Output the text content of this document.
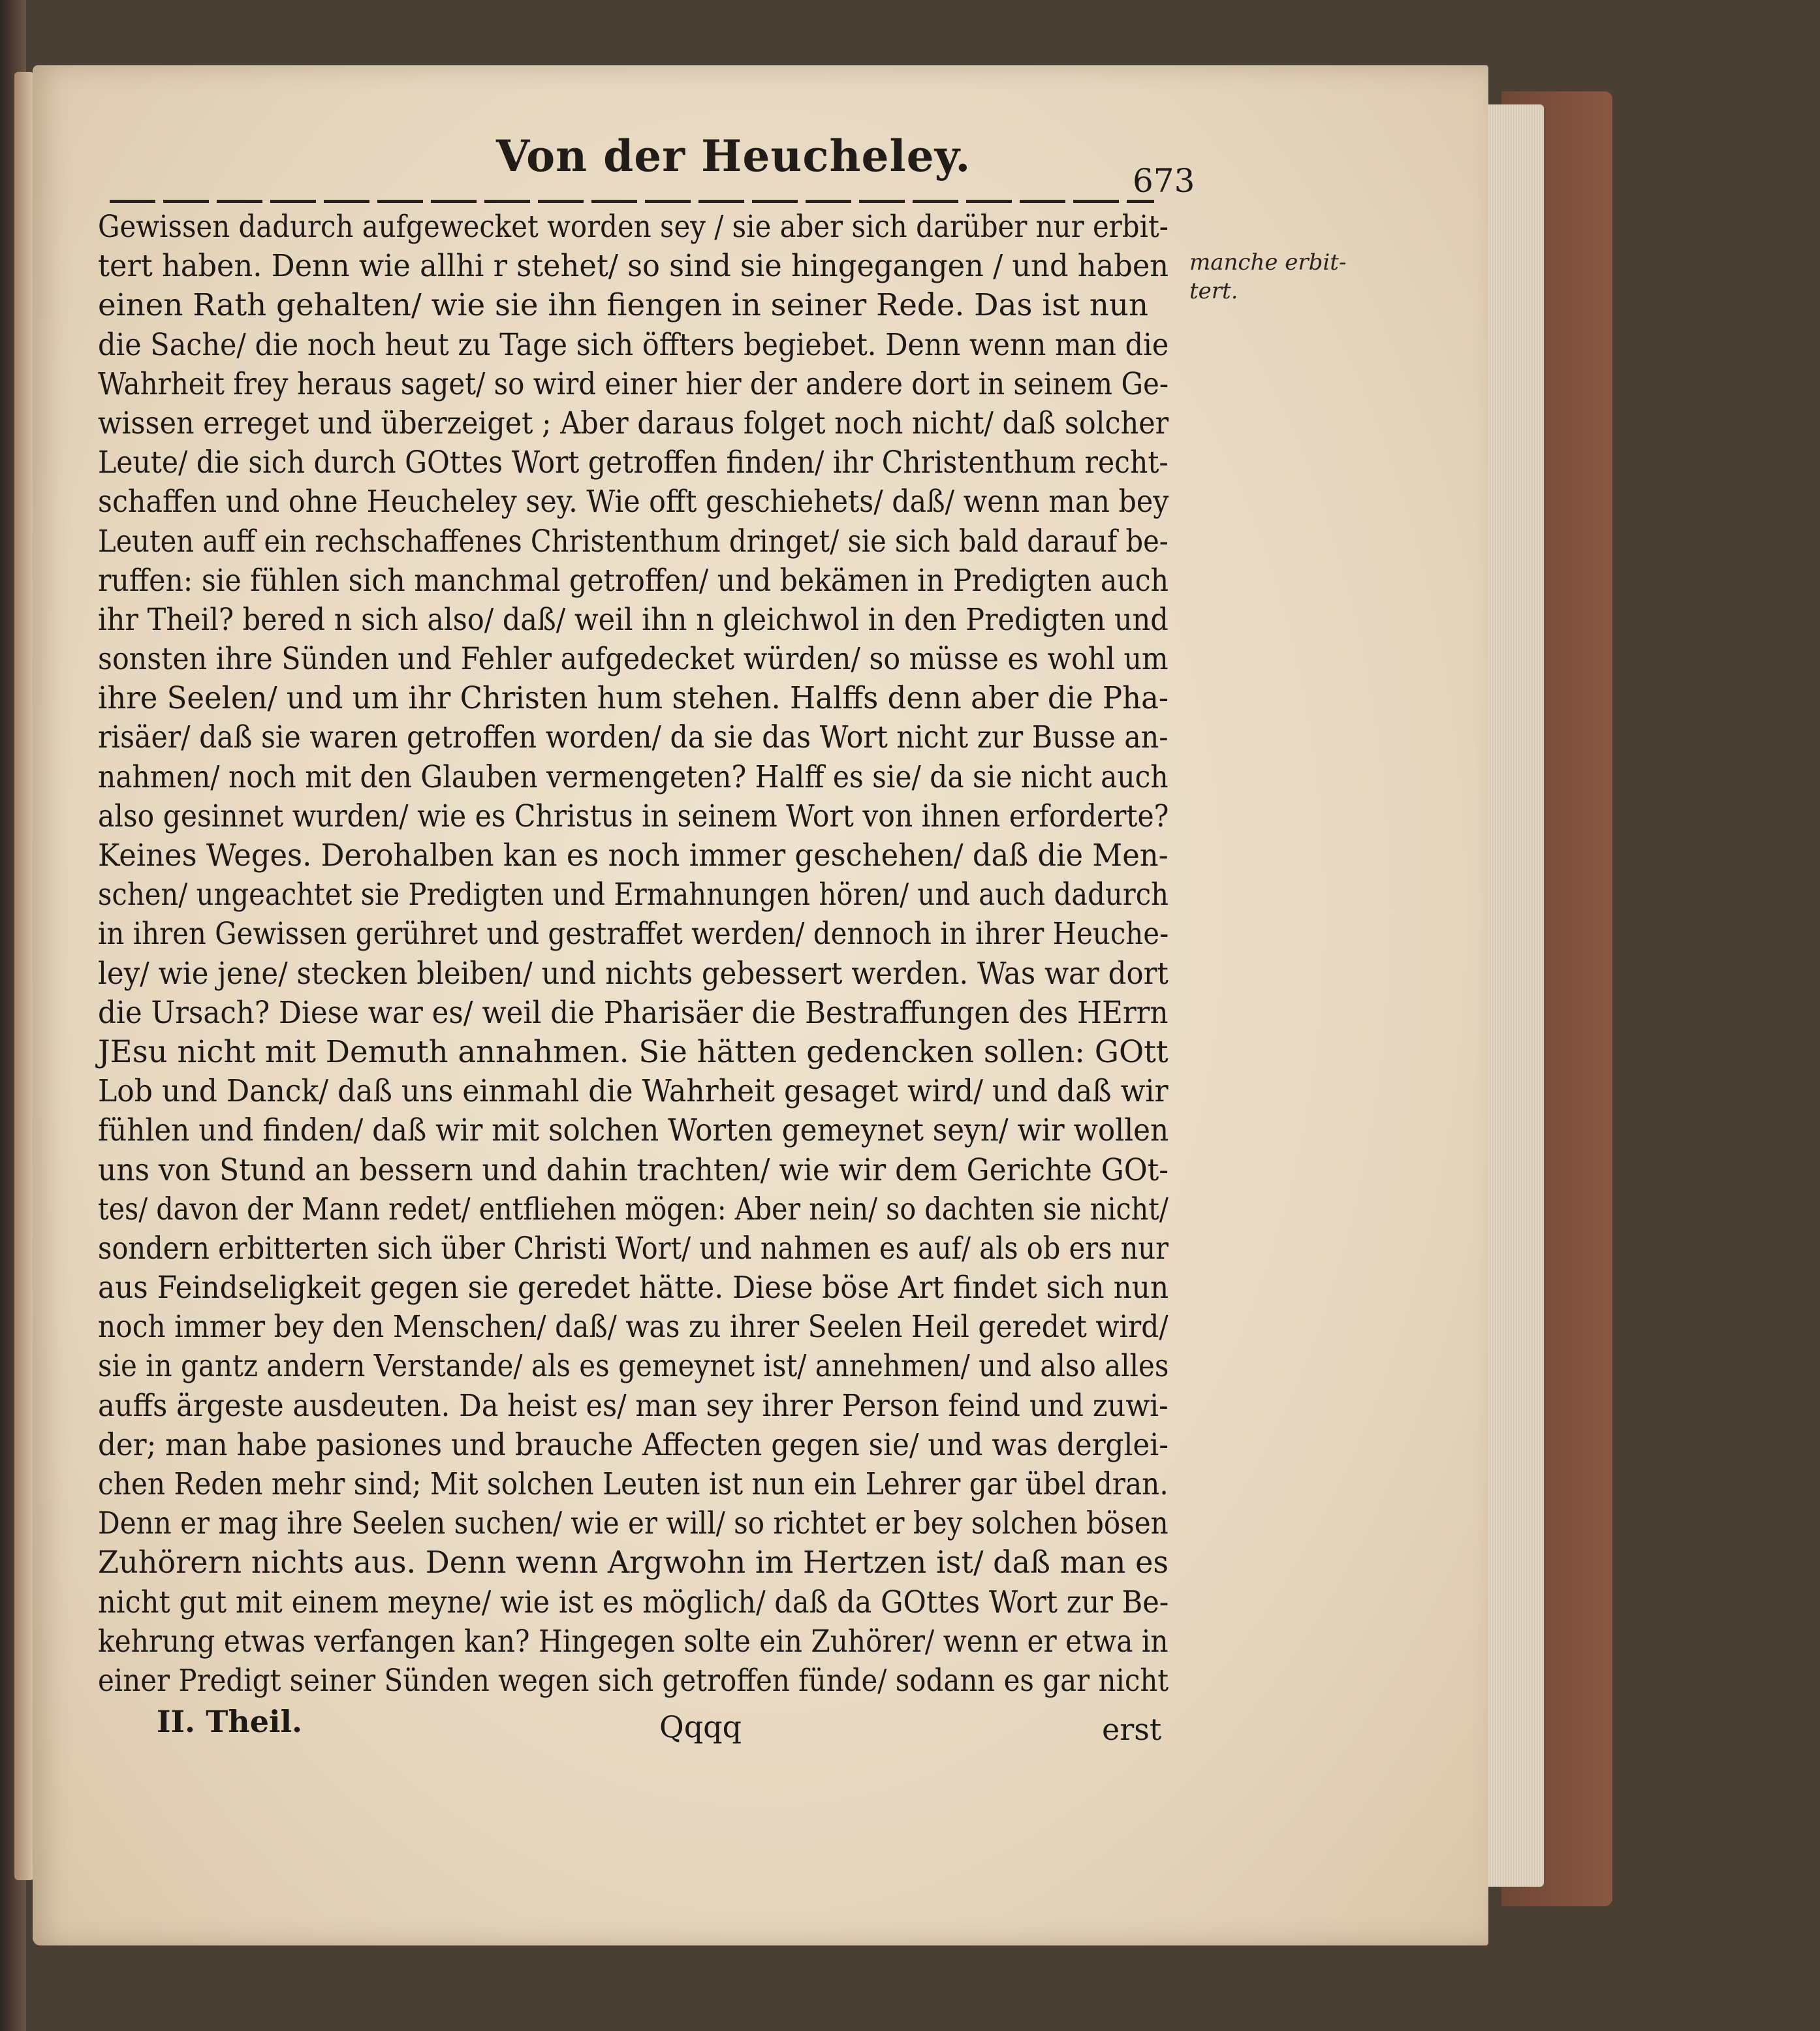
Von der Heucheley.	673
Gewissen dadurch aufgewecket worden sey / sie aber sich darüber nur erbit-
tert haben. Denn wie allhi r stehet/ so sind sie hingegangen / und haben
einen Rath gehalten/ wie sie ihn fiengen in seiner Rede. Das ist nun
die Sache/ die noch heut zu Tage sich öffters begiebet. Denn wenn man die
Wahrheit frey heraus saget/ so wird einer hier der andere dort in seinem Ge-
wissen erreget und überzeiget ; Aber daraus folget noch nicht/ daß solcher
Leute/ die sich durch GOttes Wort getroffen finden/ ihr Christenthum recht-
schaffen und ohne Heucheley sey. Wie offt geschiehets/ daß/ wenn man bey
Leuten auff ein rechschaffenes Christenthum dringet/ sie sich bald darauf be-
ruffen: sie fühlen sich manchmal getroffen/ und bekämen in Predigten auch
ihr Theil? bered n sich also/ daß/ weil ihn n gleichwol in den Predigten und
sonsten ihre Sünden und Fehler aufgedecket würden/ so müsse es wohl um
ihre Seelen/ und um ihr Christen hum stehen. Halffs denn aber die Pha-
risäer/ daß sie waren getroffen worden/ da sie das Wort nicht zur Busse an-
nahmen/ noch mit den Glauben vermengeten? Halff es sie/ da sie nicht auch
also gesinnet wurden/ wie es Christus in seinem Wort von ihnen erforderte?
Keines Weges. Derohalben kan es noch immer geschehen/ daß die Men-
schen/ ungeachtet sie Predigten und Ermahnungen hören/ und auch dadurch
in ihren Gewissen gerühret und gestraffet werden/ dennoch in ihrer Heuche-
ley/ wie jene/ stecken bleiben/ und nichts gebessert werden. Was war dort
die Ursach? Diese war es/ weil die Pharisäer die Bestraffungen des HErrn
JEsu nicht mit Demuth annahmen. Sie hätten gedencken sollen: GOtt
Lob und Danck/ daß uns einmahl die Wahrheit gesaget wird/ und daß wir
fühlen und finden/ daß wir mit solchen Worten gemeynet seyn/ wir wollen
uns von Stund an bessern und dahin trachten/ wie wir dem Gerichte GOt-
tes/ davon der Mann redet/ entfliehen mögen: Aber nein/ so dachten sie nicht/
sondern erbitterten sich über Christi Wort/ und nahmen es auf/ als ob ers nur
aus Feindseligkeit gegen sie geredet hätte. Diese böse Art findet sich nun
noch immer bey den Menschen/ daß/ was zu ihrer Seelen Heil geredet wird/
sie in gantz andern Verstande/ als es gemeynet ist/ annehmen/ und also alles
auffs ärgeste ausdeuten. Da heist es/ man sey ihrer Person feind und zuwi-
der; man habe pasiones und brauche Affecten gegen sie/ und was derglei-
chen Reden mehr sind; Mit solchen Leuten ist nun ein Lehrer gar übel dran.
Denn er mag ihre Seelen suchen/ wie er will/ so richtet er bey solchen bösen
Zuhörern nichts aus. Denn wenn Argwohn im Hertzen ist/ daß man es
nicht gut mit einem meyne/ wie ist es möglich/ daß da GOttes Wort zur Be-
kehrung etwas verfangen kan? Hingegen solte ein Zuhörer/ wenn er etwa in
einer Predigt seiner Sünden wegen sich getroffen fünde/ sodann es gar nicht
manche erbit-
tert.
II. Theil.	Qqqq	erst
